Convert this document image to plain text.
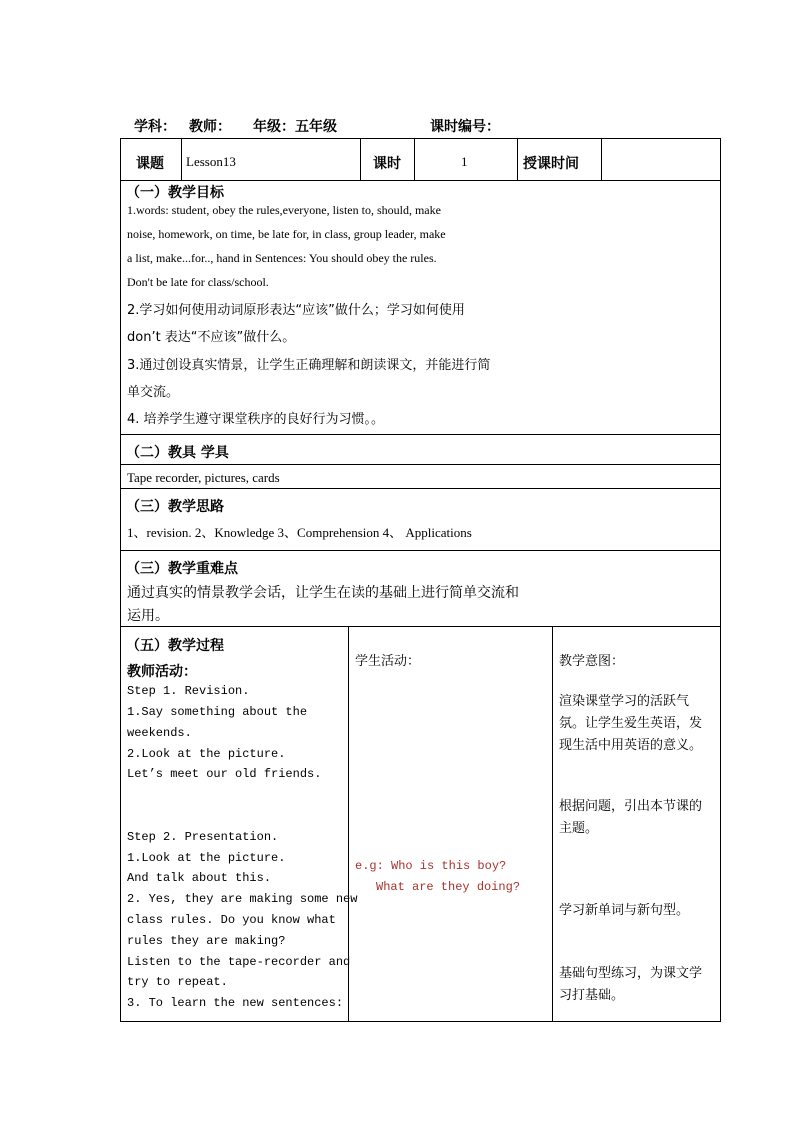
学科： 教师： 年级：五年级	课时编号：
课题 Lesson13	课时	1	授课时间
（一）教学目标
1.words: student, obey the rules,everyone, listen to, should, make
noise, homework, on time, be late for, in class, group leader, make
a list, make...for.., hand in Sentences: You should obey the rules.
Don't be late for class/school.
2.学习如何使用动词原形表达“应该”做什么；学习如何使用
don’t 表达“不应该”做什么。
3.通过创设真实情景，让学生正确理解和朗读课文，并能进行简
单交流。
4. 培养学生遵守课堂秩序的良好行为习惯。。
（二）教具 学具
Tape recorder, pictures, cards
（三）教学思路
1、revision. 2、Knowledge 3、Comprehension 4、 Applications
（三）教学重难点
通过真实的情景教学会话，让学生在读的基础上进行简单交流和
运用。
（五）教学过程
教师活动：
Step 1. Revision.
1.Say something about the
weekends.
2.Look at the picture.
Let’s meet our old friends.
Step 2. Presentation.
1.Look at the picture.
And talk about this.
2. Yes, they are making some new
class rules. Do you know what
rules they are making?
Listen to the tape-recorder and
try to repeat.
3. To learn the new sentences:
学生活动：
e.g: Who is this boy?
What are they doing?
教学意图：
渲染课堂学习的活跃气
氛。让学生爱生英语，发
现生活中用英语的意义。
根据问题，引出本节课的
主题。
学习新单词与新句型。
基础句型练习，为课文学
习打基础。
